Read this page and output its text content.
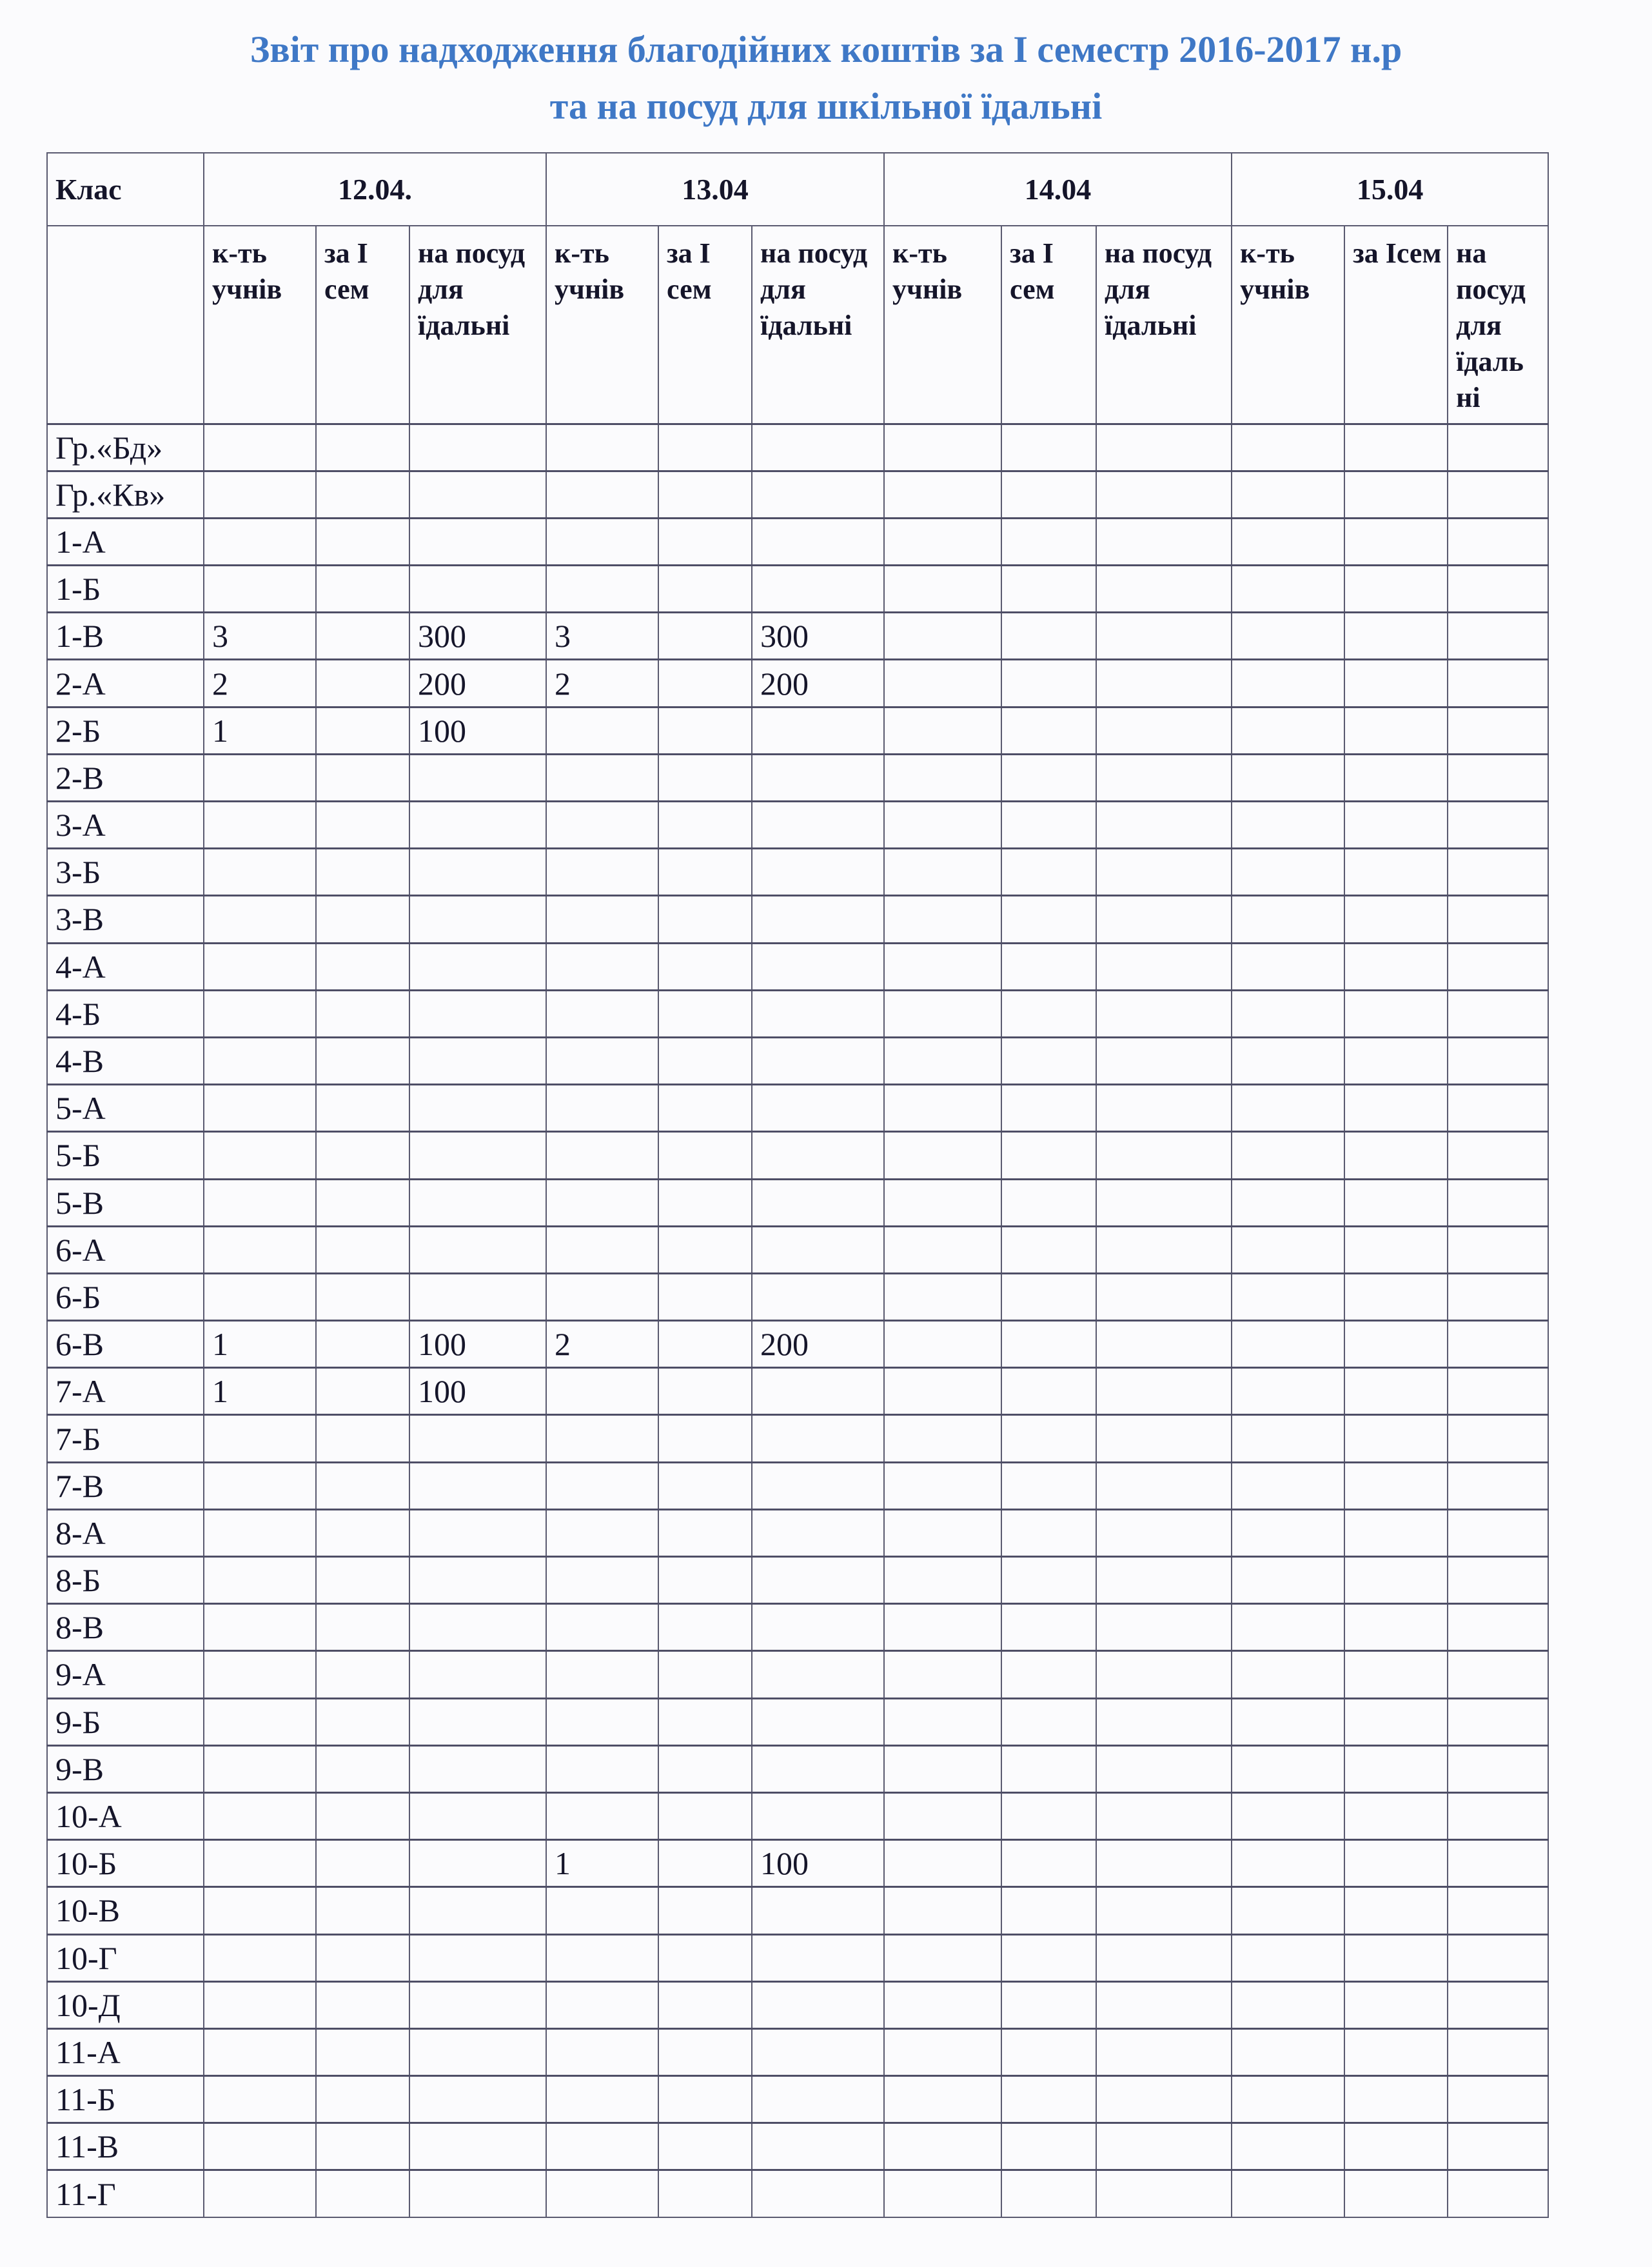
Звіт про надходження благодійних коштів за І семестр 2016-2017 н.р
та на посуд для шкільної їдальні
Клас	12.04.			13.04			14.04			15.04		
	к-ть учнів	за І сем	на посуд для їдальні	к-ть учнів	за І сем	на посуд для їдальні	к-ть учнів	за І сем	на посуд для їдальні	к-ть учнів	за Ісем	на посуд для їдаль ні
Гр.«Бд»												
Гр.«Кв»												
1-А												
1-Б												
1-В	3		300	3		300						
2-А	2		200	2		200						
2-Б	1		100									
2-В												
3-А												
3-Б												
3-В												
4-А												
4-Б												
4-В												
5-А												
5-Б												
5-В												
6-А												
6-Б												
6-В	1		100	2		200						
7-А	1		100									
7-Б												
7-В												
8-А												
8-Б												
8-В												
9-А												
9-Б												
9-В												
10-А												
10-Б				1		100						
10-В												
10-Г												
10-Д												
11-А												
11-Б												
11-В												
11-Г												
